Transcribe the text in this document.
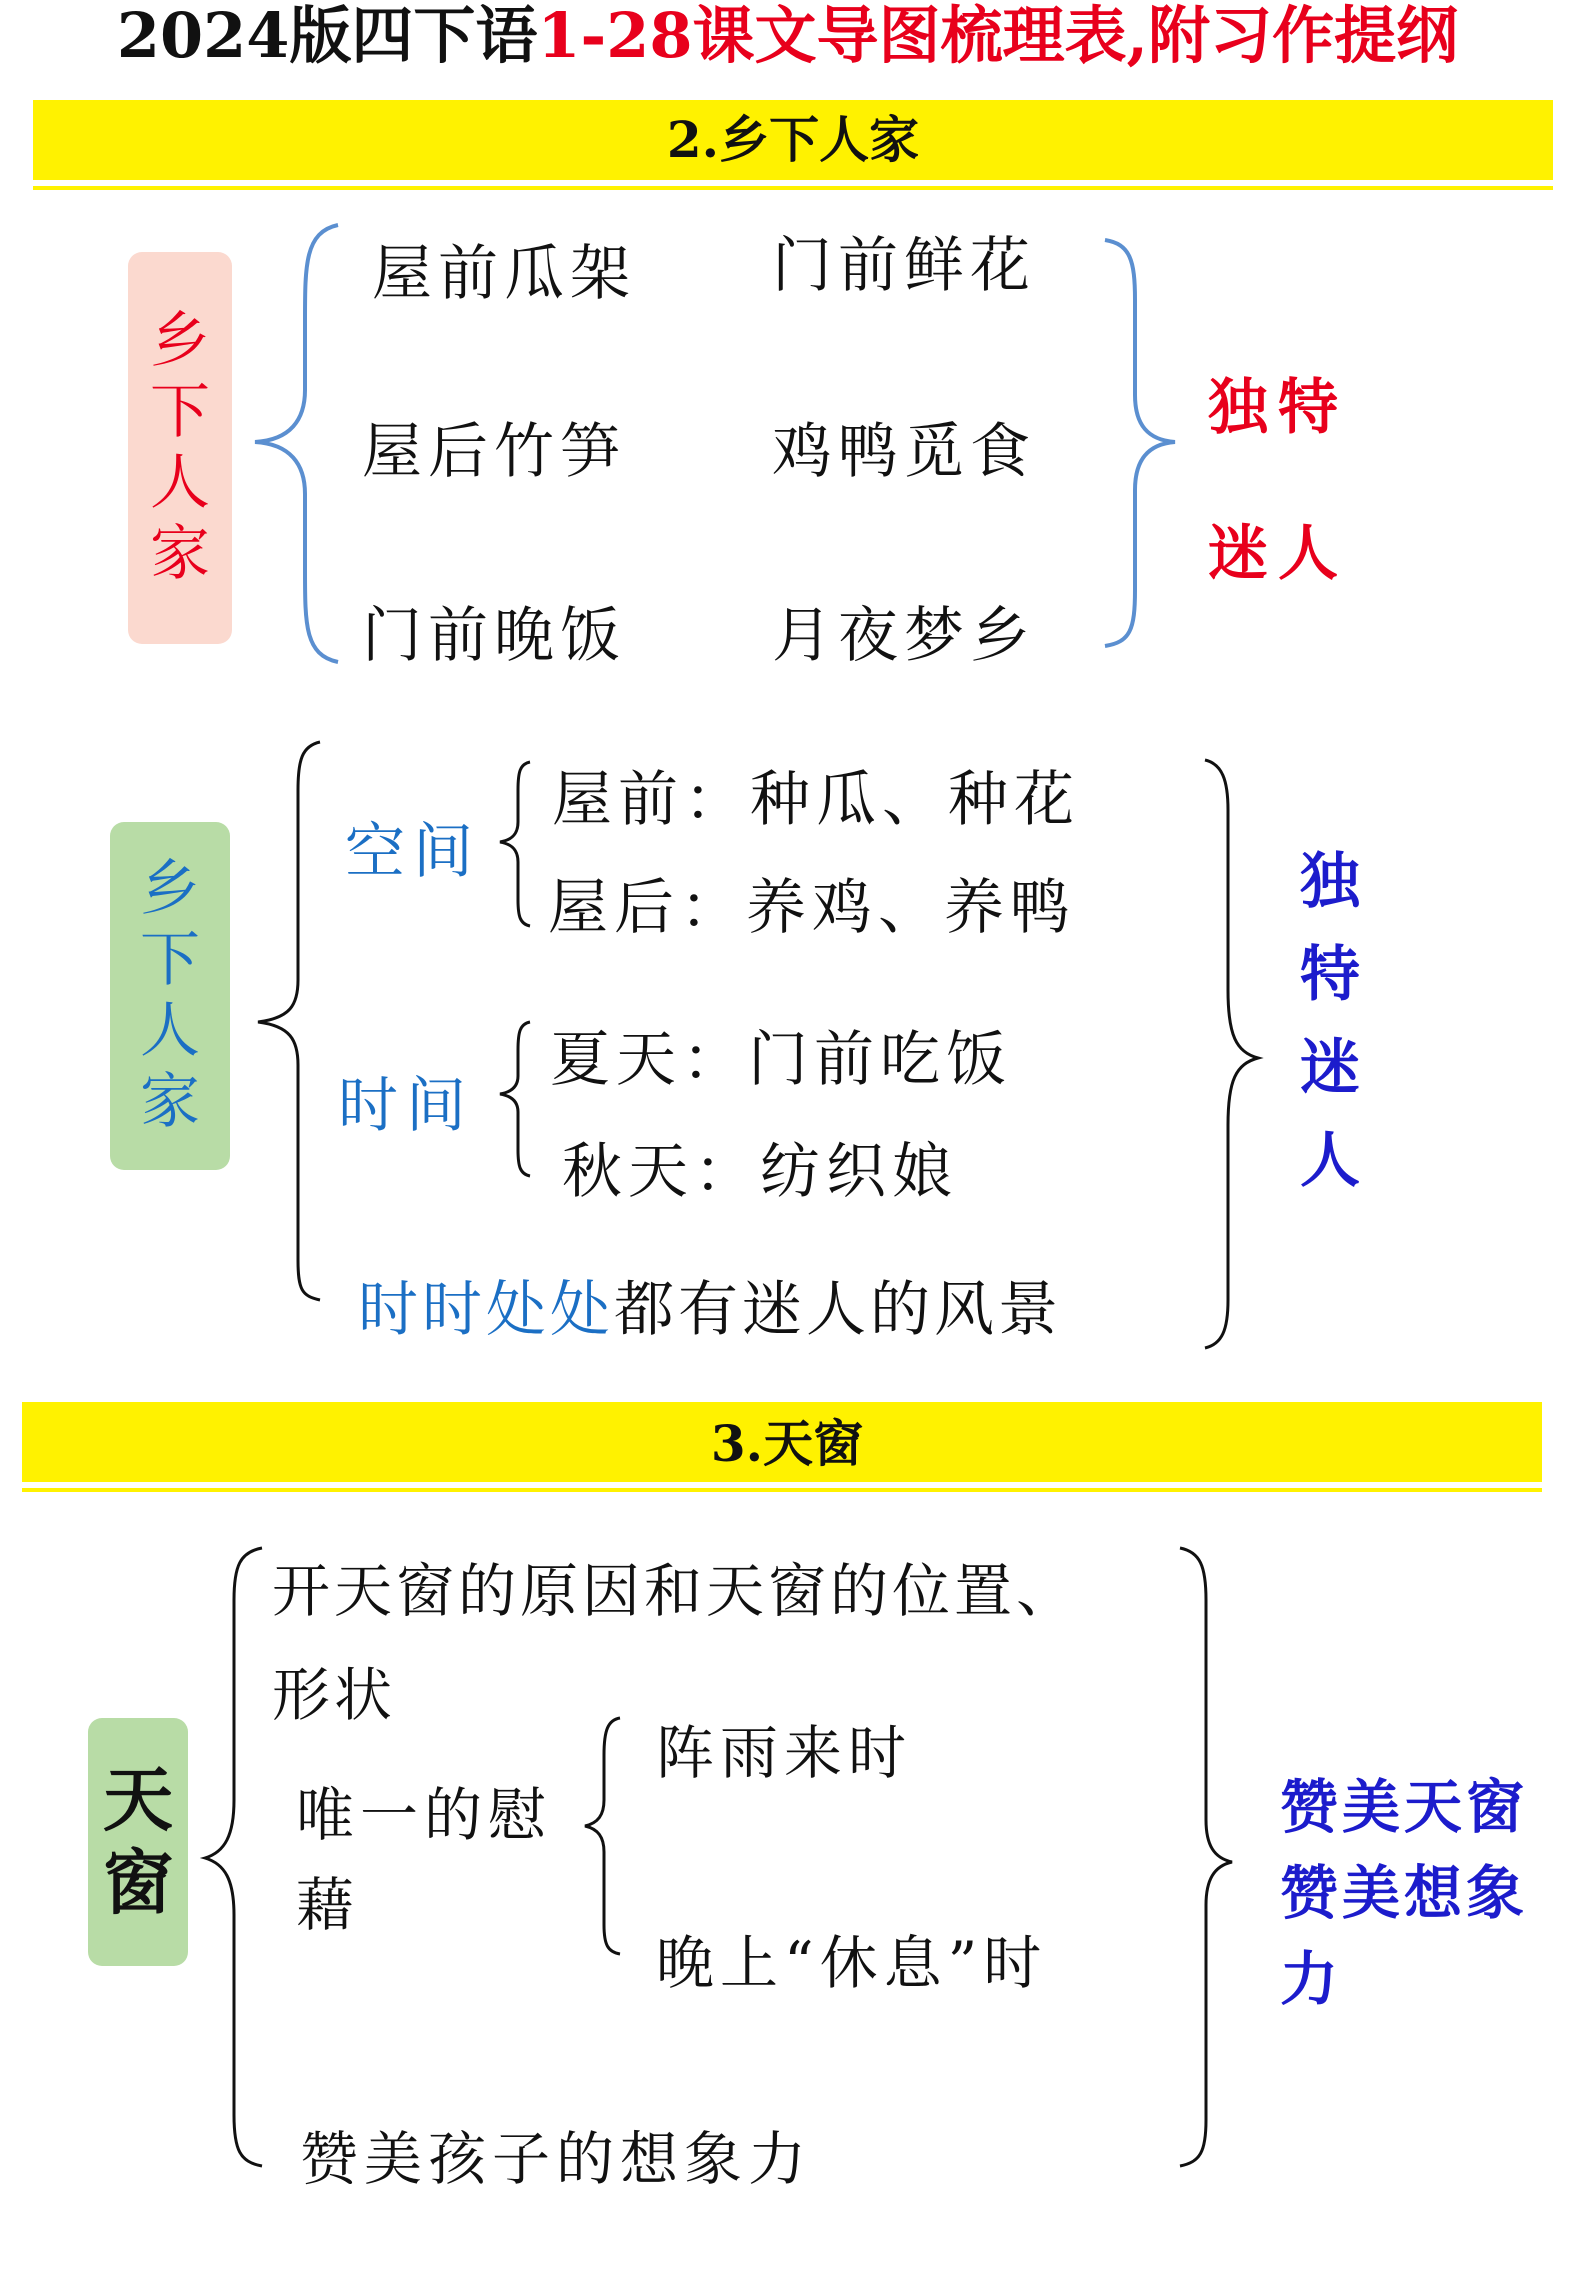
2024版四下语1-28课文导图梳理表,附习作提纲
2.乡下人家
乡
下
人
家
屋前瓜架 门前鲜花
屋后竹笋 鸡鸭觅食
门前晚饭 月夜梦乡
独特
迷人
乡
下
人
家
空间
屋前：种瓜、种花
屋后：养鸡、养鸭
时间
夏天：门前吃饭
秋天：纺织娘
时时处处都有迷人的风景
独
特
迷
人
3.天窗
天
窗
开天窗的原因和天窗的位置、
形状
唯一的慰
藉
阵雨来时
晚上“休息”时
赞美孩子的想象力
赞美天窗
赞美想象
力
